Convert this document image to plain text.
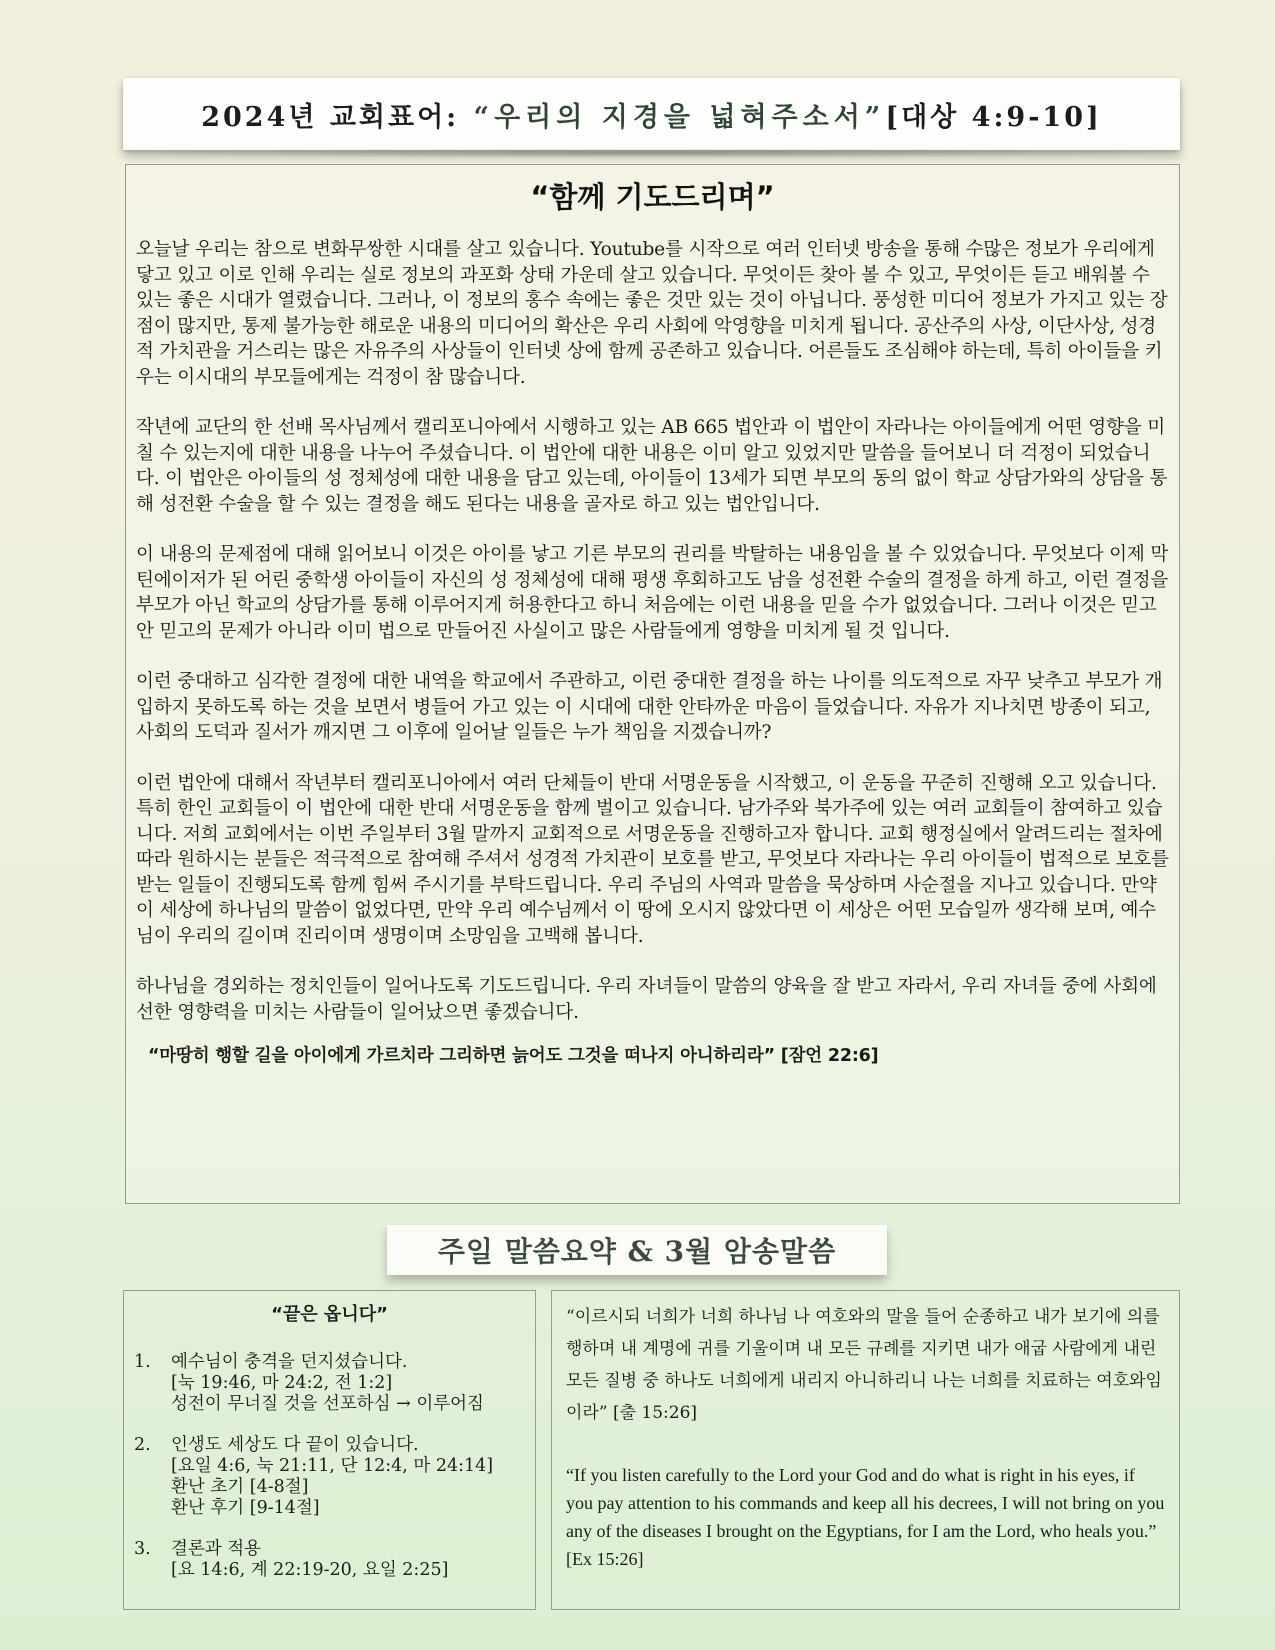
2024년 교회표어: “우리의 지경을 넓혀주소서”[대상 4:9-10]
“함께 기도드리며”

오늘날 우리는 참으로 변화무쌍한 시대를 살고 있습니다. Youtube를 시작으로 여러 인터넷 방송을 통해 수많은 정보가 우리에게 닿고 있고 이로 인해 우리는 실로 정보의 과포화 상태 가운데 살고 있습니다. 무엇이든 찾아 볼 수 있고, 무엇이든 듣고 배워볼 수 있는 좋은 시대가 열렸습니다. 그러나, 이 정보의 홍수 속에는 좋은 것만 있는 것이 아닙니다. 풍성한 미디어 정보가 가지고 있는 장점이 많지만, 통제 불가능한 해로운 내용의 미디어의 확산은 우리 사회에 악영향을 미치게 됩니다. 공산주의 사상, 이단사상, 성경적 가치관을 거스리는 많은 자유주의 사상들이 인터넷 상에 함께 공존하고 있습니다. 어른들도 조심해야 하는데, 특히 아이들을 키우는 이시대의 부모들에게는 걱정이 참 많습니다.

작년에 교단의 한 선배 목사님께서 캘리포니아에서 시행하고 있는 AB 665 법안과 이 법안이 자라나는 아이들에게 어떤 영향을 미칠 수 있는지에 대한 내용을 나누어 주셨습니다. 이 법안에 대한 내용은 이미 알고 있었지만 말씀을 들어보니 더 걱정이 되었습니다. 이 법안은 아이들의 성 정체성에 대한 내용을 담고 있는데, 아이들이 13세가 되면 부모의 동의 없이 학교 상담가와의 상담을 통해 성전환 수술을 할 수 있는 결정을 해도 된다는 내용을 골자로 하고 있는 법안입니다.

이 내용의 문제점에 대해 읽어보니 이것은 아이를 낳고 기른 부모의 권리를 박탈하는 내용임을 볼 수 있었습니다. 무엇보다 이제 막 틴에이저가 된 어린 중학생 아이들이 자신의 성 정체성에 대해 평생 후회하고도 남을 성전환 수술의 결정을 하게 하고, 이런 결정을 부모가 아닌 학교의 상담가를 통해 이루어지게 허용한다고 하니 처음에는 이런 내용을 믿을 수가 없었습니다. 그러나 이것은 믿고 안 믿고의 문제가 아니라 이미 법으로 만들어진 사실이고 많은 사람들에게 영향을 미치게 될 것 입니다.

이런 중대하고 심각한 결정에 대한 내역을 학교에서 주관하고, 이런 중대한 결정을 하는 나이를 의도적으로 자꾸 낮추고 부모가 개입하지 못하도록 하는 것을 보면서 병들어 가고 있는 이 시대에 대한 안타까운 마음이 들었습니다. 자유가 지나치면 방종이 되고, 사회의 도덕과 질서가 깨지면 그 이후에 일어날 일들은 누가 책임을 지겠습니까?

이런 법안에 대해서 작년부터 캘리포니아에서 여러 단체들이 반대 서명운동을 시작했고, 이 운동을 꾸준히 진행해 오고 있습니다. 특히 한인 교회들이 이 법안에 대한 반대 서명운동을 함께 벌이고 있습니다. 남가주와 북가주에 있는 여러 교회들이 참여하고 있습니다. 저희 교회에서는 이번 주일부터 3월 말까지 교회적으로 서명운동을 진행하고자 합니다. 교회 행정실에서 알려드리는 절차에 따라 원하시는 분들은 적극적으로 참여해 주셔서 성경적 가치관이 보호를 받고, 무엇보다 자라나는 우리 아이들이 법적으로 보호를 받는 일들이 진행되도록 함께 힘써 주시기를 부탁드립니다. 우리 주님의 사역과 말씀을 묵상하며 사순절을 지나고 있습니다. 만약 이 세상에 하나님의 말씀이 없었다면, 만약 우리 예수님께서 이 땅에 오시지 않았다면 이 세상은 어떤 모습일까 생각해 보며, 예수님이 우리의 길이며 진리이며 생명이며 소망임을 고백해 봅니다.

하나님을 경외하는 정치인들이 일어나도록 기도드립니다. 우리 자녀들이 말씀의 양육을 잘 받고 자라서, 우리 자녀들 중에 사회에 선한 영향력을 미치는 사람들이 일어났으면 좋겠습니다.

“마땅히 행할 길을 아이에게 가르치라 그리하면 늙어도 그것을 떠나지 아니하리라” [잠언 22:6]

주일 말씀요약 & 3월 암송말씀
“끝은 옵니다”
1.	예수님이 충격을 던지셨습니다.
[눅 19:46, 마 24:2, 전 1:2]
성전이 무너질 것을 선포하심 → 이루어짐
2.	인생도 세상도 다 끝이 있습니다.
[요일 4:6, 눅 21:11, 단 12:4, 마 24:14]
환난 초기 [4-8절]
환난 후기 [9-14절]
3.	결론과 적용
[요 14:6, 계 22:19-20, 요일 2:25]

“이르시되 너희가 너희 하나님 나 여호와의 말을 들어 순종하고 내가 보기에 의를 행하며 내 계명에 귀를 기울이며 내 모든 규례를 지키면 내가 애굽 사람에게 내린 모든 질병 중 하나도 너희에게 내리지 아니하리니 나는 너희를 치료하는 여호와임이라” [출 15:26]

“If you listen carefully to the Lord your God and do what is right in his eyes, if you pay attention to his commands and keep all his decrees, I will not bring on you any of the diseases I brought on the Egyptians, for I am the Lord, who heals you.” [Ex 15:26]
